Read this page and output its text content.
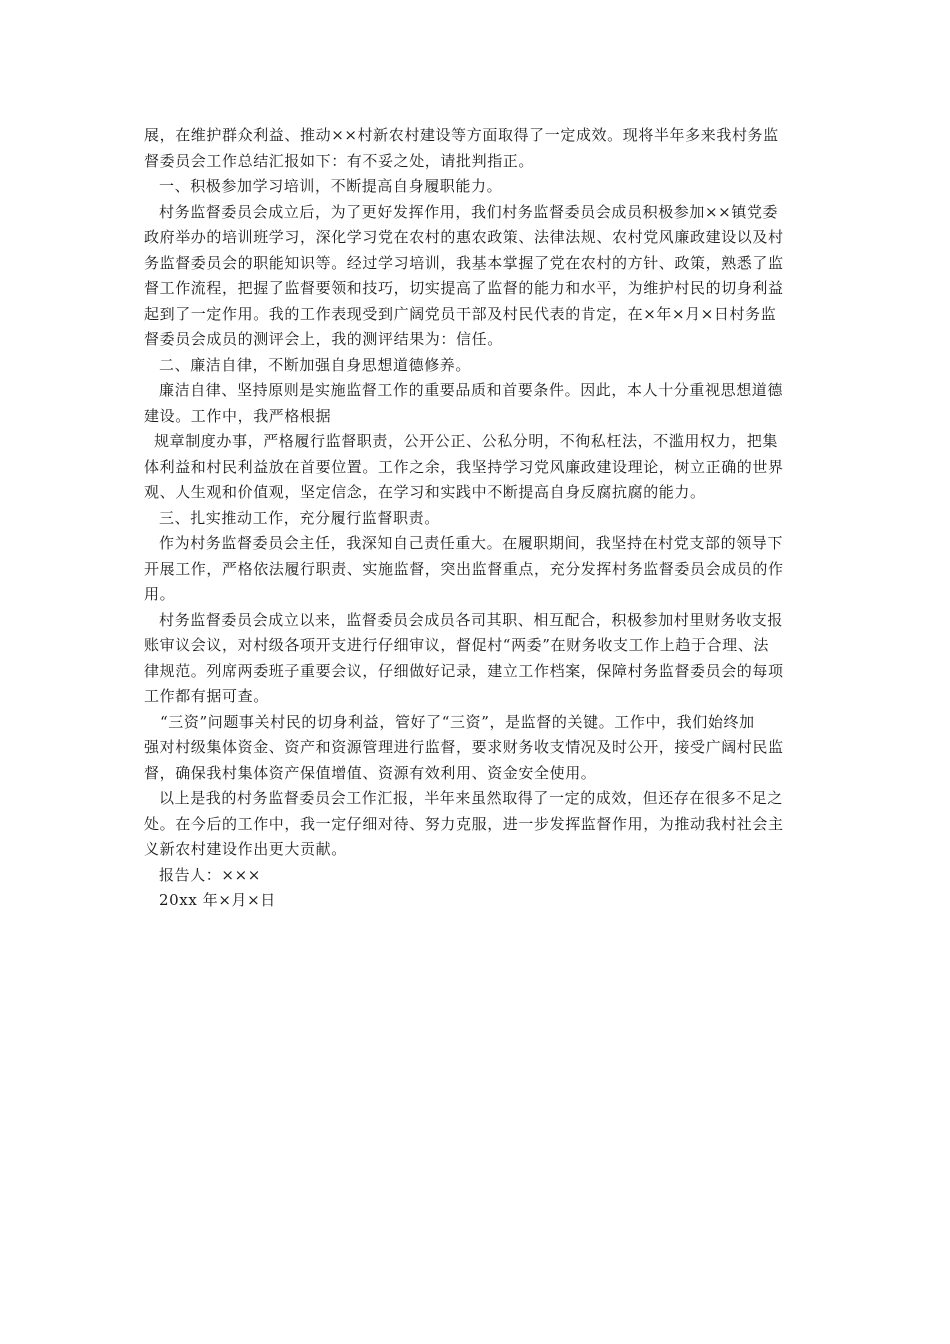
展，在维护群众利益、推动××村新农村建设等方面取得了一定成效。现将半年多来我村务监
督委员会工作总结汇报如下：有不妥之处，请批判指正。
一、积极参加学习培训，不断提高自身履职能力。
村务监督委员会成立后，为了更好发挥作用，我们村务监督委员会成员积极参加××镇党委
政府举办的培训班学习，深化学习党在农村的惠农政策、法律法规、农村党风廉政建设以及村
务监督委员会的职能知识等。经过学习培训，我基本掌握了党在农村的方针、政策，熟悉了监
督工作流程，把握了监督要领和技巧，切实提高了监督的能力和水平，为维护村民的切身利益
起到了一定作用。我的工作表现受到广阔党员干部及村民代表的肯定，在×年×月×日村务监
督委员会成员的测评会上，我的测评结果为：信任。
二、廉洁自律，不断加强自身思想道德修养。
廉洁自律、坚持原则是实施监督工作的重要品质和首要条件。因此，本人十分重视思想道德
建设。工作中，我严格根据
规章制度办事，严格履行监督职责，公开公正、公私分明，不徇私枉法，不滥用权力，把集
体利益和村民利益放在首要位置。工作之余，我坚持学习党风廉政建设理论，树立正确的世界
观、人生观和价值观，坚定信念，在学习和实践中不断提高自身反腐抗腐的能力。
三、扎实推动工作，充分履行监督职责。
作为村务监督委员会主任，我深知自己责任重大。在履职期间，我坚持在村党支部的领导下
开展工作，严格依法履行职责、实施监督，突出监督重点，充分发挥村务监督委员会成员的作
用。
村务监督委员会成立以来，监督委员会成员各司其职、相互配合，积极参加村里财务收支报
账审议会议，对村级各项开支进行仔细审议，督促村“两委”在财务收支工作上趋于合理、法
律规范。列席两委班子重要会议，仔细做好记录，建立工作档案，保障村务监督委员会的每项
工作都有据可查。
“三资”问题事关村民的切身利益，管好了“三资”，是监督的关键。工作中，我们始终加
强对村级集体资金、资产和资源管理进行监督，要求财务收支情况及时公开，接受广阔村民监
督，确保我村集体资产保值增值、资源有效利用、资金安全使用。
以上是我的村务监督委员会工作汇报，半年来虽然取得了一定的成效，但还存在很多不足之
处。在今后的工作中，我一定仔细对待、努力克服，进一步发挥监督作用，为推动我村社会主
义新农村建设作出更大贡献。
报告人：×××
20xx 年×月×日
